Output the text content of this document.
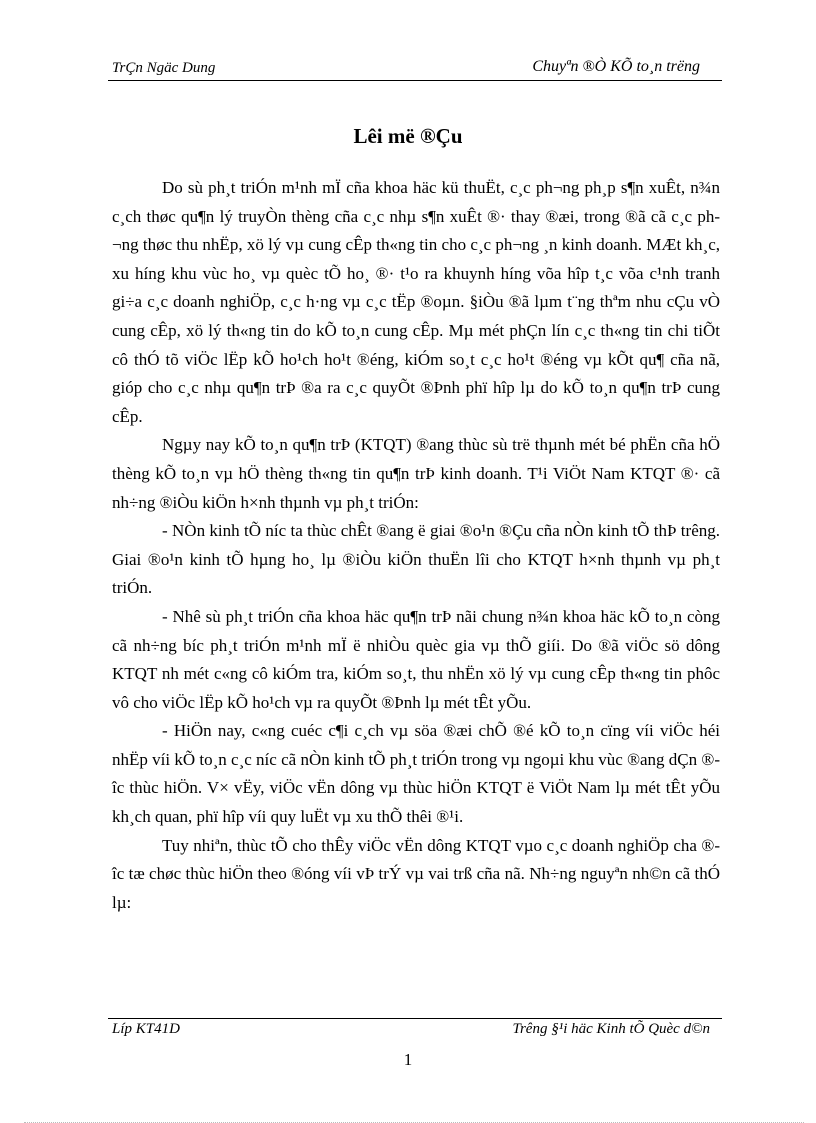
TrÇn Ngäc Dung	Chuyªn ®Ò KÕ to¸n trëng
Lêi më ®Çu

Do sù ph¸t triÓn m¹nh mÏ cña khoa häc kü thuËt, c¸c ph¬ng ph¸p s¶n xuÊt, n¾n c¸ch thøc qu¶n lý truyÒn thèng cña c¸c nhµ s¶n xuÊt ®· thay ®æi, trong ®ã cã c¸c ph¬ng thøc thu nhËp, xö lý vµ cung cÊp th«ng tin cho c¸c ph¬ng ¸n kinh doanh. MÆt kh¸c, xu híng khu vùc ho¸ vµ quèc tÕ ho¸ ®· t¹o ra khuynh híng võa hîp t¸c võa c¹nh tranh gi÷a c¸c doanh nghiÖp, c¸c h·ng vµ c¸c tËp ®oµn. §iÒu ®ã lµm t¨ng thªm nhu cÇu vÒ cung cÊp, xö lý th«ng tin do kÕ to¸n cung cÊp. Mµ mét phÇn lín c¸c th«ng tin chi tiÕt cô thÓ tõ viÖc lËp kÕ ho¹ch ho¹t ®éng, kiÓm so¸t c¸c ho¹t ®éng vµ kÕt qu¶ cña nã, gióp cho c¸c nhµ qu¶n trÞ ®a ra c¸c quyÕt ®Þnh phï hîp lµ do kÕ to¸n qu¶n trÞ cung cÊp.

Ngµy nay kÕ to¸n qu¶n trÞ (KTQT) ®ang thùc sù trë thµnh mét bé phËn cña hÖ thèng kÕ to¸n vµ hÖ thèng th«ng tin qu¶n trÞ kinh doanh. T¹i ViÖt Nam KTQT ®· cã nh÷ng ®iÒu kiÖn h×nh thµnh vµ ph¸t triÓn:

- NÒn kinh tÕ níc ta thùc chÊt ®ang ë giai ®o¹n ®Çu cña nÒn kinh tÕ thÞ trêng. Giai ®o¹n kinh tÕ hµng ho¸ lµ ®iÒu kiÖn thuËn lîi cho KTQT h×nh thµnh vµ ph¸t triÓn.

- Nhê sù ph¸t triÓn cña khoa häc qu¶n trÞ nãi chung n¾n khoa häc kÕ to¸n còng cã nh÷ng bíc ph¸t triÓn m¹nh mÏ ë nhiÒu quèc gia vµ thÕ giíi. Do ®ã viÖc sö dông KTQT nh mét c«ng cô kiÓm tra, kiÓm so¸t, thu nhËn xö lý vµ cung cÊp th«ng tin phôc vô cho viÖc lËp kÕ ho¹ch vµ ra quyÕt ®Þnh lµ mét tÊt yÕu.

- HiÖn nay, c«ng cuéc c¶i c¸ch vµ söa ®æi chÕ ®é kÕ to¸n cïng víi viÖc héi nhËp víi kÕ to¸n c¸c níc cã nÒn kinh tÕ ph¸t triÓn trong vµ ngoµi khu vùc ®ang dÇn ®îc thùc hiÖn. V× vËy, viÖc vËn dông vµ thùc hiÖn KTQT ë ViÖt Nam lµ mét tÊt yÕu kh¸ch quan, phï hîp víi quy luËt vµ xu thÕ thêi ®¹i.

Tuy nhiªn, thùc tÕ cho thÊy viÖc vËn dông KTQT vµo c¸c doanh nghiÖp cha ®îc tæ chøc thùc hiÖn theo ®óng víi vÞ trÝ vµ vai trß cña nã. Nh÷ng nguyªn nh©n cã thÓ lµ:

Líp KT41D	Trêng §¹i häc Kinh tÕ Quèc d©n
1
